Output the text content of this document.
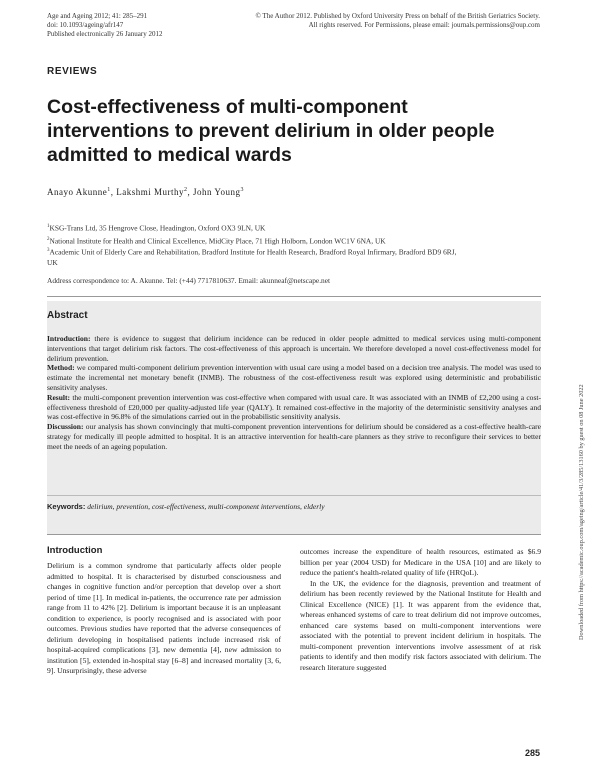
Age and Ageing 2012; 41: 285–291
doi: 10.1093/ageing/afr147
Published electronically 26 January 2012
© The Author 2012. Published by Oxford University Press on behalf of the British Geriatrics Society.
All rights reserved. For Permissions, please email: journals.permissions@oup.com
REVIEWS
Cost-effectiveness of multi-component interventions to prevent delirium in older people admitted to medical wards
Anayo Akunne$^1$, Lakshmi Murthy$^2$, John Young$^3$
$^1$KSG-Trans Ltd, 35 Hengrove Close, Headington, Oxford OX3 9LN, UK
$^2$National Institute for Health and Clinical Excellence, MidCity Place, 71 High Holborn, London WC1V 6NA, UK
$^3$Academic Unit of Elderly Care and Rehabilitation, Bradford Institute for Health Research, Bradford Royal Infirmary, Bradford BD9 6RJ, UK
Address correspondence to: A. Akunne. Tel: (+44) 7717810637. Email: akunneaf@netscape.net
Abstract

Introduction: there is evidence to suggest that delirium incidence can be reduced in older people admitted to medical services using multi-component interventions that target delirium risk factors. The cost-effectiveness of this approach is uncertain. We therefore developed a novel cost-effectiveness model for delirium prevention.

Method: we compared multi-component delirium prevention intervention with usual care using a model based on a decision tree analysis. The model was used to estimate the incremental net monetary benefit (INMB). The robustness of the cost-effectiveness result was explored using deterministic and probabilistic sensitivity analyses.

Result: the multi-component prevention intervention was cost-effective when compared with usual care. It was associated with an INMB of £2,200 using a cost-effectiveness threshold of £20,000 per quality-adjusted life year (QALY). It remained cost-effective in the majority of the deterministic sensitivity analyses and was cost-effective in 96.8% of the simulations carried out in the probabilistic sensitivity analysis.

Discussion: our analysis has shown convincingly that multi-component prevention interventions for delirium should be considered as a cost-effective health-care strategy for medically ill people admitted to hospital. It is an attractive intervention for health-care planners as they strive to reconfigure their services to better meet the needs of an ageing population.

Keywords: delirium, prevention, cost-effectiveness, multi-component interventions, elderly
Introduction

Delirium is a common syndrome that particularly affects older people admitted to hospital. It is characterised by disturbed consciousness and changes in cognitive function and/or perception that develop over a short period of time [1]. In medical in-patients, the occurrence rate per admission range from 11 to 42% [2]. Delirium is important because it is an unpleasant condition to experience, is poorly recognised and is associated with poor outcomes. Previous studies have reported that the adverse consequences of delirium developing in hospitalised patients include increased risk of hospital-acquired complications [3], new dementia [4], new admission to institution [5], extended in-hospital stay [6–8] and increased mortality [3, 6, 9]. Unsurprisingly, these adverse

outcomes increase the expenditure of health resources, estimated as $6.9 billion per year (2004 USD) for Medicare in the USA [10] and are likely to reduce the patient's health-related quality of life (HRQoL).

In the UK, the evidence for the diagnosis, prevention and treatment of delirium has been recently reviewed by the National Institute for Health and Clinical Excellence (NICE) [1]. It was apparent from the evidence that, whereas enhanced systems of care to treat delirium did not improve outcomes, enhanced care systems based on multi-component interventions were associated with the potential to prevent incident delirium in hospitals. The multi-component prevention interventions involve assessment of at risk patients to identify and then modify risk factors associated with delirium. The research literature suggested

Downloaded from https://academic.oup.com/ageing/article/41/3/285/13160 by guest on 08 June 2022
285
